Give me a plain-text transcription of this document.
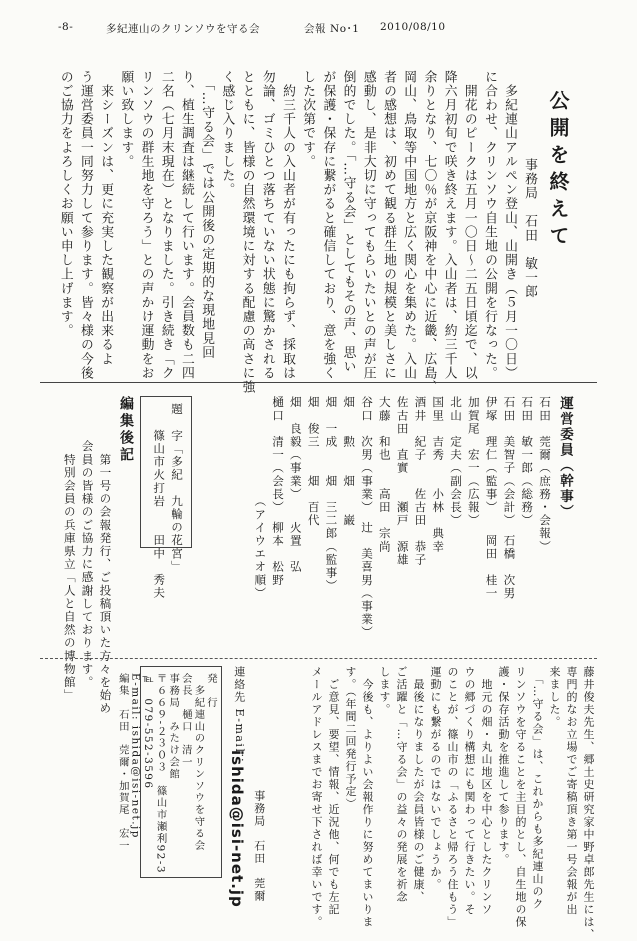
-8-	多紀連山のクリンソウを守る会	会報 No･1 2010/08/10
公開を終えて
事務局　石田　敏一郎
　多紀連山アルペン登山、山開き（５月一〇日）
に合わせ、クリンソウ自生地の公開を行なった。
　開花のピークは五月一〇日〜二五日頃迄で、以
降六月初旬で咲き終えます。入山者は、約三千人
余りとなり、七〇％が京阪神を中心に近畿、広島、
岡山、鳥取等中国地方と広く関心を集めた。入山
者の感想は、初めて観る群生地の規模と美しさに
感動し、是非大切に守ってもらいたいとの声が圧
倒的でした。「…守る会」としてもその声、思い
が保護・保存に繋がると確信しており、意を強く
した次第です。
　約三千人の入山者が有ったにも拘らず、採取は
勿論、ゴミひとつ落ちていない状態に驚かされる
とともに、皆様の自然環境に対する配慮の高さに強
く感じ入りました。
　「…守る会」では公開後の定期的な現地見回
り、植生調査は継続して行います。会員数も二四
二名（七月末現在）となりました。引き続き「ク
リンソウの群生地を守ろう」との声かけ運動をお
願い致します。
　来シーズンは、更に充実した観察が出来るよ
う運営委員一同努力して参ります。皆々様の今後
のご協力をよろしくお願い申し上げます。
運営委員（幹事）
石田　莞爾（庶務・会報）
石田　敏一郎（総務）
石田　美智子（会計）　石橋　次男
伊塚　理仁（監事）　　岡田　桂一
加賀尾　宏一（広報）
北山　定夫（副会長）
国里　吉秀　　小林　典幸
酒井　紀子　　佐古田　恭子
佐古田　直實　　瀬戸　源雄
大藤　和也　　高田　宗尚
谷口　次男（事業）　辻　美喜男（事業）
畑　　勲　　畑　　巌
畑　一成　　畑　三二郎（監事）
畑　俊三　　畑　百代
畑　良毅（事業）　　火置　弘
樋口　清一（会長）　柳本　松野
　　　　　　　　（アイウエオ順）
題　字「多紀　九輪の花宮」
　　篠山市火打岩　　田中　秀夫
編集後記
　第一号の会報発行、ご投稿頂いた方々を始め
会員の皆様のご協力に感謝しております。
　特別会員の兵庫県立「人と自然の博物館」
藤井俊夫先生、郷土史研究家中野卓郎先生には、
専門的なお立場でご寄稿頂き第一号会報が出
来ました。
　「…守る会」は、これからも多紀連山のク
リンソウを守ることを主目的とし、自生地の保
護・保存活動を推進して参ります。
　地元の畑・丸山地区を中心としたクリンソ
ウの郷づくり構想にも関わって行きたい。そ
のことが、篠山市の「ふるさと帰ろう住もう」
運動にも繋がるのではないでしょうか。
　最後になりましたが会員皆様のご健康、
ご活躍と「…守る会」の益々の発展を祈念
します。
　今後も、よりよい会報作りに努めてまいりま
す。（年間二回発行予定）
　ご意見、要望、情報、近況他、何でも左記
メールアドレスまでお寄せ下されば幸いです。
連絡先 E-mail：
ishida@isi-net.jp 事務局　石田　莞爾
発　行
　多紀連山のクリンソウを守る会
会長　樋口　清一
事務局　みたけ会館
〒６６９-２３０３　篠山市瀬利92-3
℡　079-552-3596
E-mail: ishida@isi-net.jp
編集　石田　莞爾・加賀尾　宏一
